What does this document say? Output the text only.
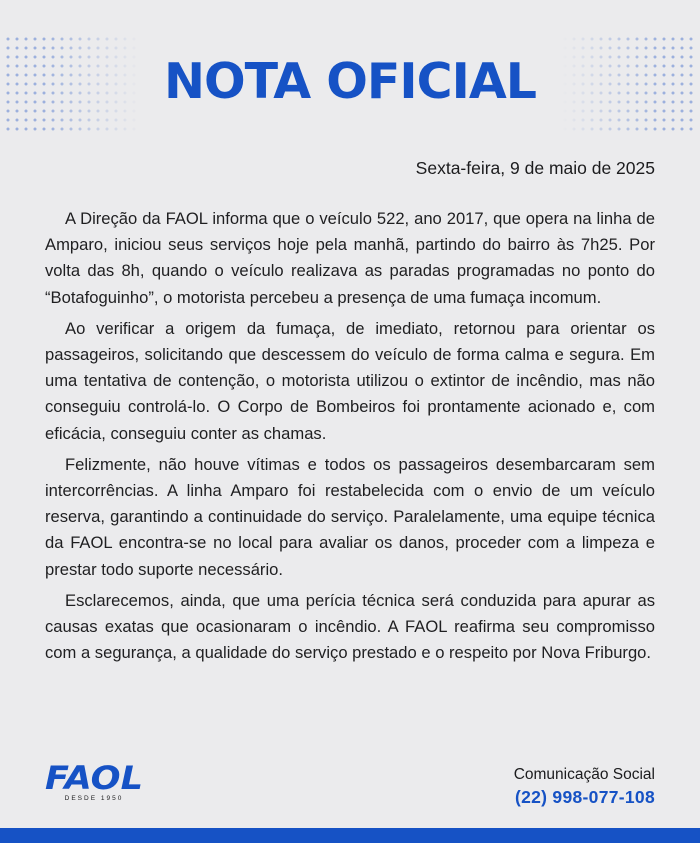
NOTA OFICIAL

Sexta-feira, 9 de maio de 2025

A Direção da FAOL informa que o veículo 522, ano 2017, que opera na linha de Amparo, iniciou seus serviços hoje pela manhã, partindo do bairro às 7h25. Por volta das 8h, quando o veículo realizava as paradas programadas no ponto do “Botafoguinho”, o motorista percebeu a presença de uma fumaça incomum.

Ao verificar a origem da fumaça, de imediato, retornou para orientar os passageiros, solicitando que descessem do veículo de forma calma e segura. Em uma tentativa de contenção, o motorista utilizou o extintor de incêndio, mas não conseguiu controlá-lo. O Corpo de Bombeiros foi prontamente acionado e, com eficácia, conseguiu conter as chamas.

Felizmente, não houve vítimas e todos os passageiros desembarcaram sem intercorrências. A linha Amparo foi restabelecida com o envio de um veículo reserva, garantindo a continuidade do serviço. Paralelamente, uma equipe técnica da FAOL encontra-se no local para avaliar os danos, proceder com a limpeza e prestar todo suporte necessário.

Esclarecemos, ainda, que uma perícia técnica será conduzida para apurar as causas exatas que ocasionaram o incêndio. A FAOL reafirma seu compromisso com a segurança, a qualidade do serviço prestado e o respeito por Nova Friburgo.

FAOL
DESDE 1950

Comunicação Social

(22) 998-077-108
